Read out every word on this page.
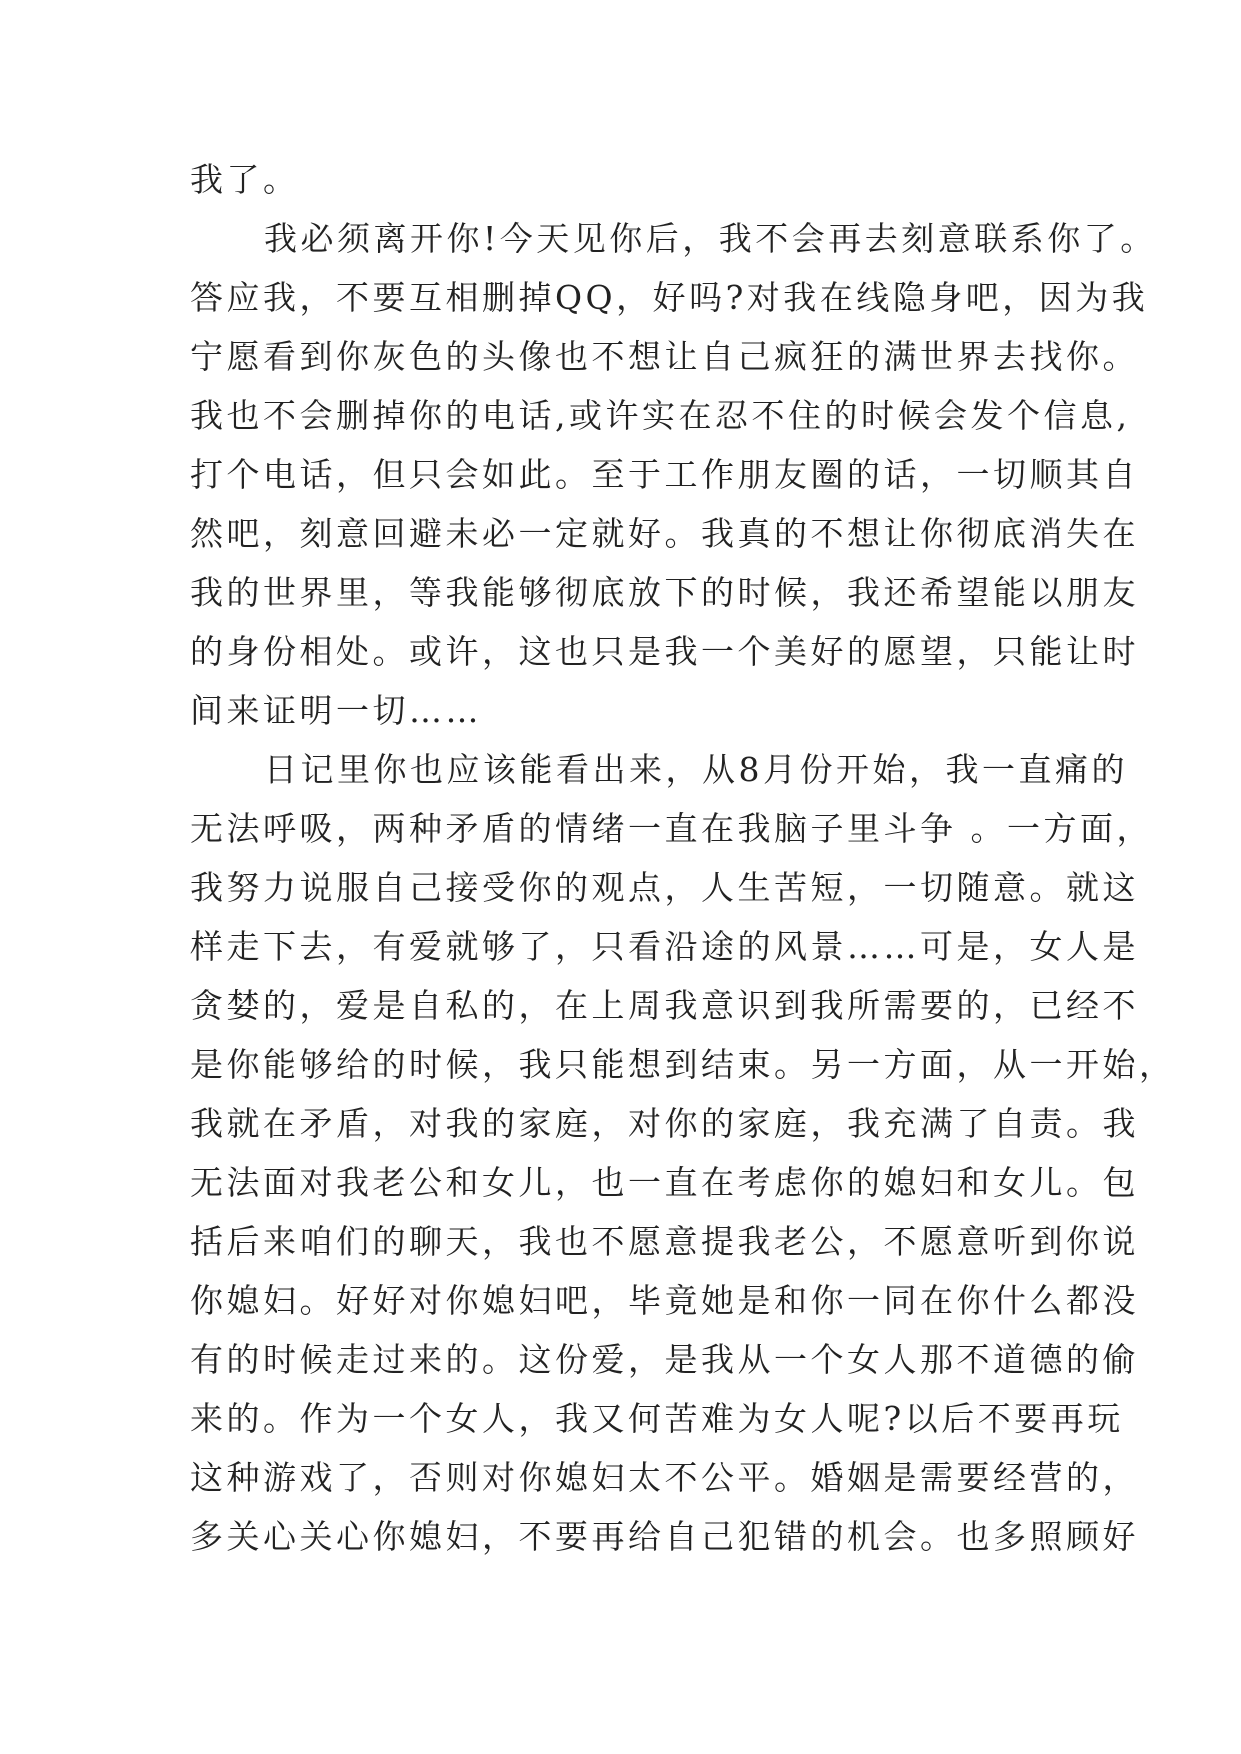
我了。
我必须离开你!今天见你后，我不会再去刻意联系你了。
答应我，不要互相删掉QQ，好吗?对我在线隐身吧，因为我
宁愿看到你灰色的头像也不想让自己疯狂的满世界去找你。
我也不会删掉你的电话,或许实在忍不住的时候会发个信息,
打个电话，但只会如此。至于工作朋友圈的话，一切顺其自
然吧，刻意回避未必一定就好。我真的不想让你彻底消失在
我的世界里，等我能够彻底放下的时候，我还希望能以朋友
的身份相处。或许，这也只是我一个美好的愿望，只能让时
间来证明一切……
日记里你也应该能看出来，从8月份开始，我一直痛的
无法呼吸，两种矛盾的情绪一直在我脑子里斗争 。一方面，
我努力说服自己接受你的观点，人生苦短，一切随意。就这
样走下去，有爱就够了，只看沿途的风景……可是，女人是
贪婪的，爱是自私的，在上周我意识到我所需要的，已经不
是你能够给的时候，我只能想到结束。另一方面，从一开始，
我就在矛盾，对我的家庭，对你的家庭，我充满了自责。我
无法面对我老公和女儿，也一直在考虑你的媳妇和女儿。包
括后来咱们的聊天，我也不愿意提我老公，不愿意听到你说
你媳妇。好好对你媳妇吧，毕竟她是和你一同在你什么都没
有的时候走过来的。这份爱，是我从一个女人那不道德的偷
来的。作为一个女人，我又何苦难为女人呢?以后不要再玩
这种游戏了，否则对你媳妇太不公平。婚姻是需要经营的，
多关心关心你媳妇，不要再给自己犯错的机会。也多照顾好
